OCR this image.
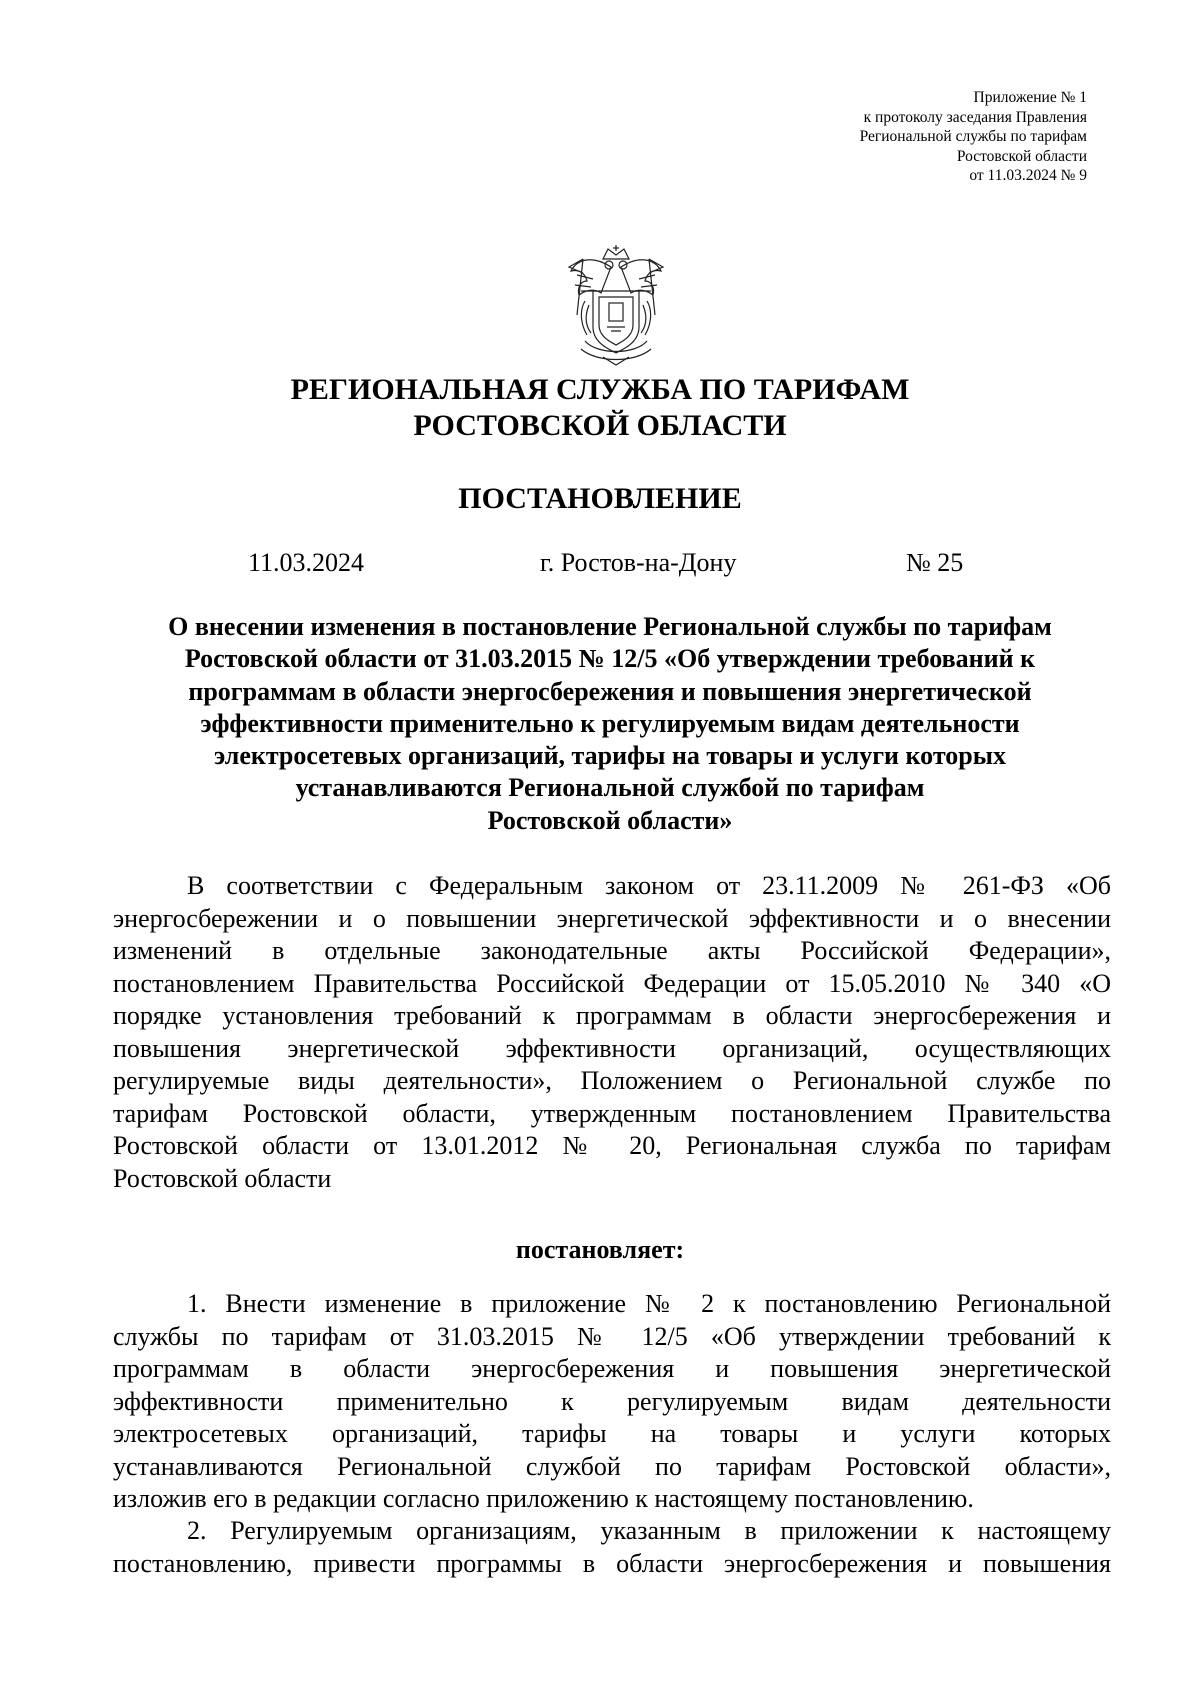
Приложение № 1
к протоколу заседания Правления
Региональной службы по тарифам
Ростовской области
от 11.03.2024 № 9
РЕГИОНАЛЬНАЯ СЛУЖБА ПО ТАРИФАМ
РОСТОВСКОЙ ОБЛАСТИ
ПОСТАНОВЛЕНИЕ
11.03.2024	г. Ростов-на-Дону	№ 25
О внесении изменения в постановление Региональной службы по тарифам
Ростовской области от 31.03.2015 № 12/5 «Об утверждении требований к
программам в области энергосбережения и повышения энергетической
эффективности применительно к регулируемым видам деятельности
электросетевых организаций, тарифы на товары и услуги которых
устанавливаются Региональной службой по тарифам
Ростовской области»
В соответствии с Федеральным законом от 23.11.2009 № 261-ФЗ «Об
энергосбережении и о повышении энергетической эффективности и о внесении
изменений в отдельные законодательные акты Российской Федерации»,
постановлением Правительства Российской Федерации от 15.05.2010 № 340 «О
порядке установления требований к программам в области энергосбережения и
повышения энергетической эффективности организаций, осуществляющих
регулируемые виды деятельности», Положением о Региональной службе по
тарифам Ростовской области, утвержденным постановлением Правительства
Ростовской области от 13.01.2012 № 20, Региональная служба по тарифам
Ростовской области
постановляет:
1. Внести изменение в приложение № 2 к постановлению Региональной
службы по тарифам от 31.03.2015 № 12/5 «Об утверждении требований к
программам в области энергосбережения и повышения энергетической
эффективности применительно к регулируемым видам деятельности
электросетевых организаций, тарифы на товары и услуги которых
устанавливаются Региональной службой по тарифам Ростовской области»,
изложив его в редакции согласно приложению к настоящему постановлению.
2. Регулируемым организациям, указанным в приложении к настоящему
постановлению, привести программы в области энергосбережения и повышения
